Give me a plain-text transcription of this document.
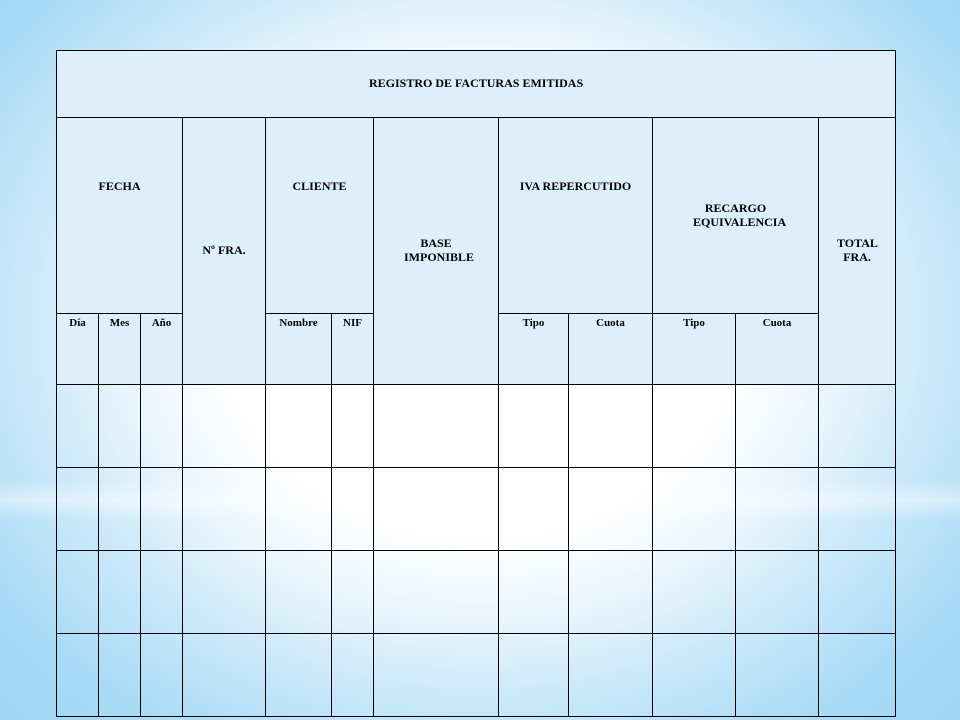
REGISTRO DE FACTURAS EMITIDAS											
FECHA			Nº FRA.	CLIENTE		BASE IMPONIBLE	IVA REPERCUTIDO		RECARGO EQUIVALENCIA		TOTAL FRA.
Día	Mes	Año		Nombre	NIF		Tipo	Cuota	Tipo	Cuota	
